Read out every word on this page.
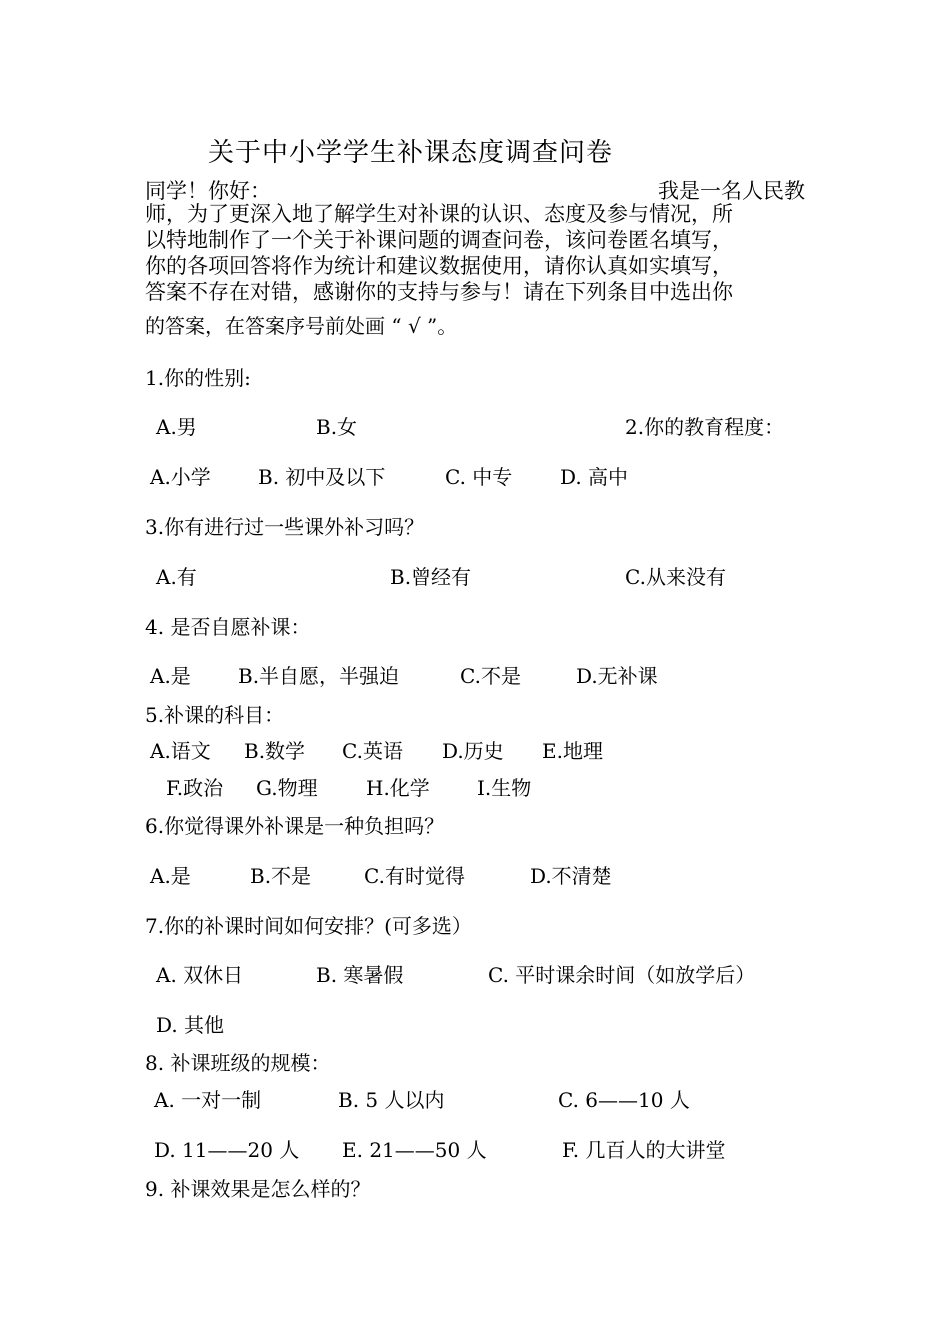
关于中小学学生补课态度调查问卷
同学！你好：	我是一名人民教
师，为了更深入地了解学生对补课的认识、态度及参与情况，所
以特地制作了一个关于补课问题的调查问卷，该问卷匿名填写，
你的各项回答将作为统计和建议数据使用，请你认真如实填写，
答案不存在对错，感谢你的支持与参与！请在下列条目中选出你
的答案，在答案序号前处画 “ √ ”。
1.你的性别:
A.男	B.女	2.你的教育程度：
A.小学 B. 初中及以下	C. 中专 D. 高中
3.你有进行过一些课外补习吗？
A.有	B.曾经有	C.从来没有
4. 是否自愿补课：
A.是 B.半自愿，半强迫	C.不是	D.无补课
5.补课的科目：
A.语文 B.数学 C.英语 D.历史 E.地理
F.政治 G.物理 H.化学 I.生物
6.你觉得课外补课是一种负担吗？
A.是	B.不是	C.有时觉得	D.不清楚
7.你的补课时间如何安排？(可多选）
A. 双休日	B. 寒暑假	C. 平时课余时间（如放学后）
D. 其他
8. 补课班级的规模：
A. 一对一制	B. 5 人以内	C. 6——10 人
D. 11——20 人 E. 21——50 人	F. 几百人的大讲堂
9. 补课效果是怎么样的？
